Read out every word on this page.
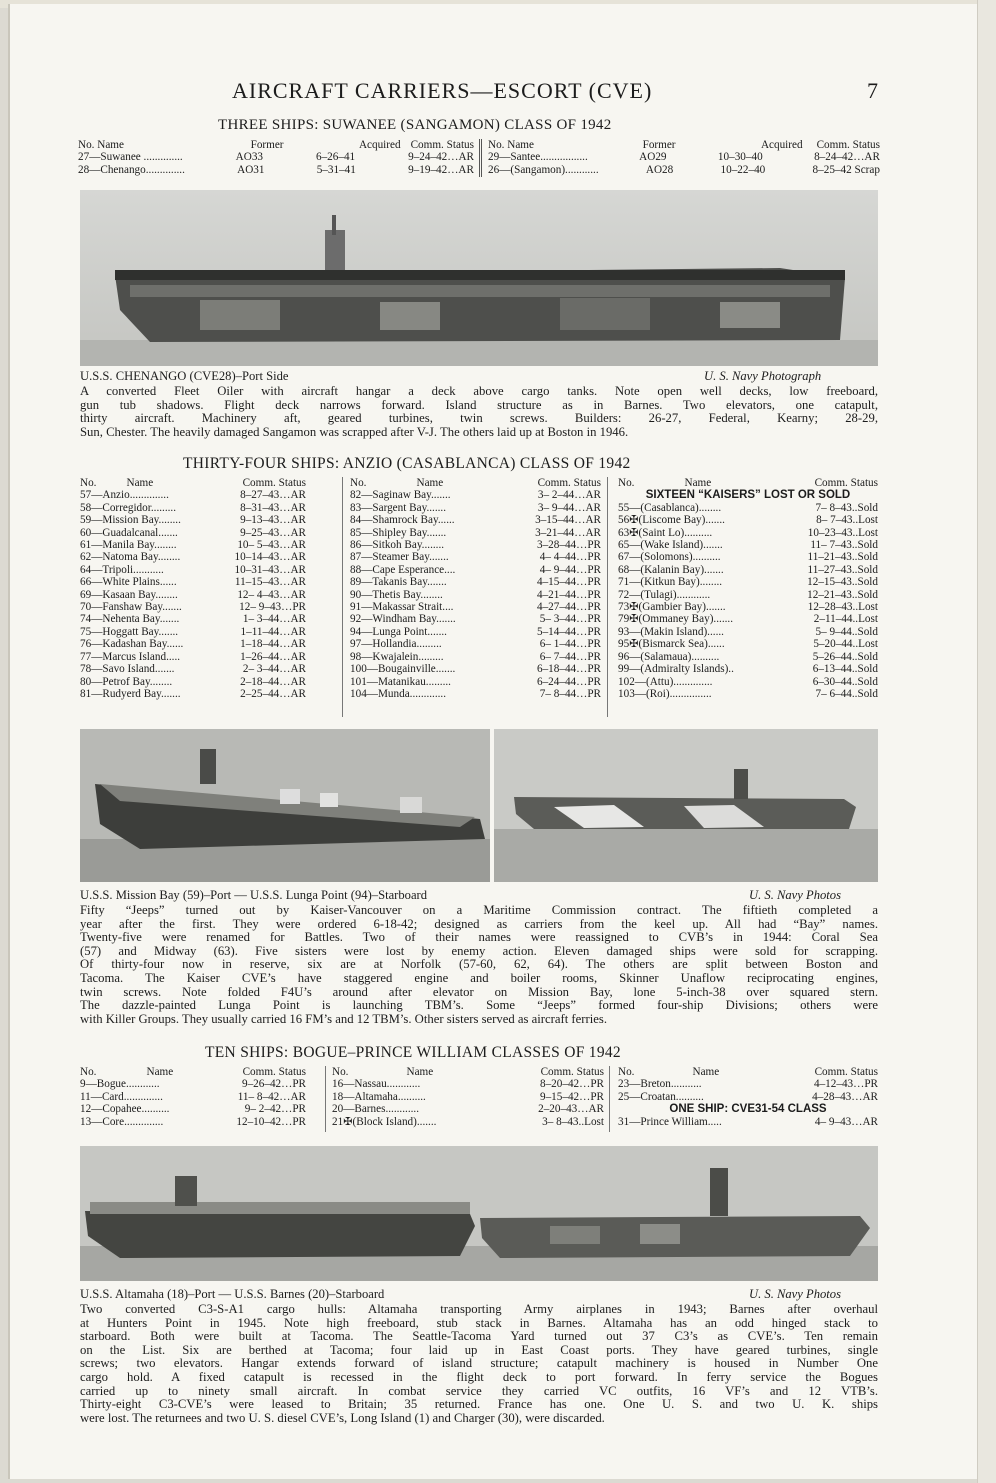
AIRCRAFT CARRIERS—ESCORT (CVE)	7
THREE SHIPS: SUWANEE (SANGAMON) CLASS OF 1942
No. Name	Former	Acquired Comm. Status
27—Suwanee ..............	AO33	6–26–41	9–24–42…AR
28—Chenango..............	AO31	5–31–41	9–19–42…AR
No. Name	Former	Acquired Comm. Status
29—Santee.................	AO29	10–30–40	8–24–42…AR
26—(Sangamon)............	AO28	10–22–40	8–25–42 Scrap
U.S.S. CHENANGO (CVE28)–Port Side	U. S. Navy Photograph
A converted Fleet Oiler with aircraft hangar a deck above cargo tanks. Note open well decks, low freeboard,
gun tub shadows. Flight deck narrows forward. Island structure as in Barnes. Two elevators, one catapult,
thirty aircraft. Machinery aft, geared turbines, twin screws. Builders: 26-27, Federal, Kearny; 28-29,
Sun, Chester. The heavily damaged Sangamon was scrapped after V-J. The others laid up at Boston in 1946.
THIRTY-FOUR SHIPS: ANZIO (CASABLANCA) CLASS OF 1942
No.	Name	Comm. Status
57—Anzio..............	8–27–43…AR
58—Corregidor.........	8–31–43…AR
59—Mission Bay........	9–13–43…AR
60—Guadalcanal.......	9–25–43…AR
61—Manila Bay........	10– 5–43…AR
62—Natoma Bay........	10–14–43…AR
64—Tripoli...........	10–31–43…AR
66—White Plains......	11–15–43…AR
69—Kasaan Bay........	12– 4–43…AR
70—Fanshaw Bay.......	12– 9–43…PR
74—Nehenta Bay.......	1– 3–44…AR
75—Hoggatt Bay.......	1–11–44…AR
76—Kadashan Bay......	1–18–44…AR
77—Marcus Island.....	1–26–44…AR
78—Savo Island.......	2– 3–44…AR
80—Petrof Bay........	2–18–44…AR
81—Rudyerd Bay.......	2–25–44…AR
No.	Name	Comm. Status
82—Saginaw Bay.......	3– 2–44…AR
83—Sargent Bay.......	3– 9–44…AR
84—Shamrock Bay......	3–15–44…AR
85—Shipley Bay.......	3–21–44…AR
86—Sitkoh Bay........	3–28–44…PR
87—Steamer Bay.......	4– 4–44…PR
88—Cape Esperance....	4– 9–44…PR
89—Takanis Bay.......	4–15–44…PR
90—Thetis Bay........	4–21–44…PR
91—Makassar Strait....	4–27–44…PR
92—Windham Bay.......	5– 3–44…PR
94—Lunga Point.......	5–14–44…PR
97—Hollandia.........	6– 1–44…PR
98—Kwajalein.........	6– 7–44…PR
100—Bougainville.......	6–18–44…PR
101—Matanikau.........	6–24–44…PR
104—Munda.............	7– 8–44…PR
No.	Name	Comm. Status
SIXTEEN “KAISERS” LOST OR SOLD
55—(Casablanca)........	7– 8–43..Sold
56✠(Liscome Bay).......	8– 7–43..Lost
63✠(Saint Lo)..........	10–23–43..Lost
65—(Wake Island).......	11– 7–43..Sold
67—(Solomons)..........	11–21–43..Sold
68—(Kalanin Bay).......	11–27–43..Sold
71—(Kitkun Bay)........	12–15–43..Sold
72—(Tulagi)............	12–21–43..Sold
73✠(Gambier Bay).......	12–28–43..Lost
79✠(Ommaney Bay).......	2–11–44..Lost
93—(Makin Island)......	5– 9–44..Sold
95✠(Bismarck Sea)......	5–20–44..Lost
96—(Salamaua)..........	5–26–44..Sold
99—(Admiralty Islands)..	6–13–44..Sold
102—(Attu)..............	6–30–44..Sold
103—(Roi)...............	7– 6–44..Sold
U.S.S. Mission Bay (59)–Port — U.S.S. Lunga Point (94)–Starboard	U. S. Navy Photos
Fifty “Jeeps” turned out by Kaiser-Vancouver on a Maritime Commission contract. The fiftieth completed a
year after the first. They were ordered 6-18-42; designed as carriers from the keel up. All had “Bay” names.
Twenty-five were renamed for Battles. Two of their names were reassigned to CVB’s in 1944: Coral Sea
(57) and Midway (63). Five sisters were lost by enemy action. Eleven damaged ships were sold for scrapping.
Of thirty-four now in reserve, six are at Norfolk (57-60, 62, 64). The others are split between Boston and
Tacoma. The Kaiser CVE’s have staggered engine and boiler rooms, Skinner Unaflow reciprocating engines,
twin screws. Note folded F4U’s around after elevator on Mission Bay, lone 5-inch-38 over squared stern.
The dazzle-painted Lunga Point is launching TBM’s. Some “Jeeps” formed four-ship Divisions; others were
with Killer Groups. They usually carried 16 FM’s and 12 TBM’s. Other sisters served as aircraft ferries.
TEN SHIPS: BOGUE–PRINCE WILLIAM CLASSES OF 1942
No.	Name	Comm. Status
9—Bogue............	9–26–42…PR
11—Card..............	11– 8–42…AR
12—Copahee..........	9– 2–42…PR
13—Core..............	12–10–42…PR
No.	Name	Comm. Status
16—Nassau............	8–20–42…PR
18—Altamaha..........	9–15–42…PR
20—Barnes............	2–20–43…AR
21✠(Block Island).......	3– 8–43..Lost
No.	Name	Comm. Status
23—Breton...........	4–12–43…PR
25—Croatan..........	4–28–43…AR
ONE SHIP: CVE31-54 CLASS
31—Prince William.....	4– 9–43…AR
U.S.S. Altamaha (18)–Port — U.S.S. Barnes (20)–Starboard	U. S. Navy Photos
Two converted C3-S-A1 cargo hulls: Altamaha transporting Army airplanes in 1943; Barnes after overhaul
at Hunters Point in 1945. Note high freeboard, stub stack in Barnes. Altamaha has an odd hinged stack to
starboard. Both were built at Tacoma. The Seattle-Tacoma Yard turned out 37 C3’s as CVE’s. Ten remain
on the List. Six are berthed at Tacoma; four laid up in East Coast ports. They have geared turbines, single
screws; two elevators. Hangar extends forward of island structure; catapult machinery is housed in Number One
cargo hold. A fixed catapult is recessed in the flight deck to port forward. In ferry service the Bogues
carried up to ninety small aircraft. In combat service they carried VC outfits, 16 VF’s and 12 VTB’s.
Thirty-eight C3-CVE’s were leased to Britain; 35 returned. France has one. One U. S. and two U. K. ships
were lost. The returnees and two U. S. diesel CVE’s, Long Island (1) and Charger (30), were discarded.
